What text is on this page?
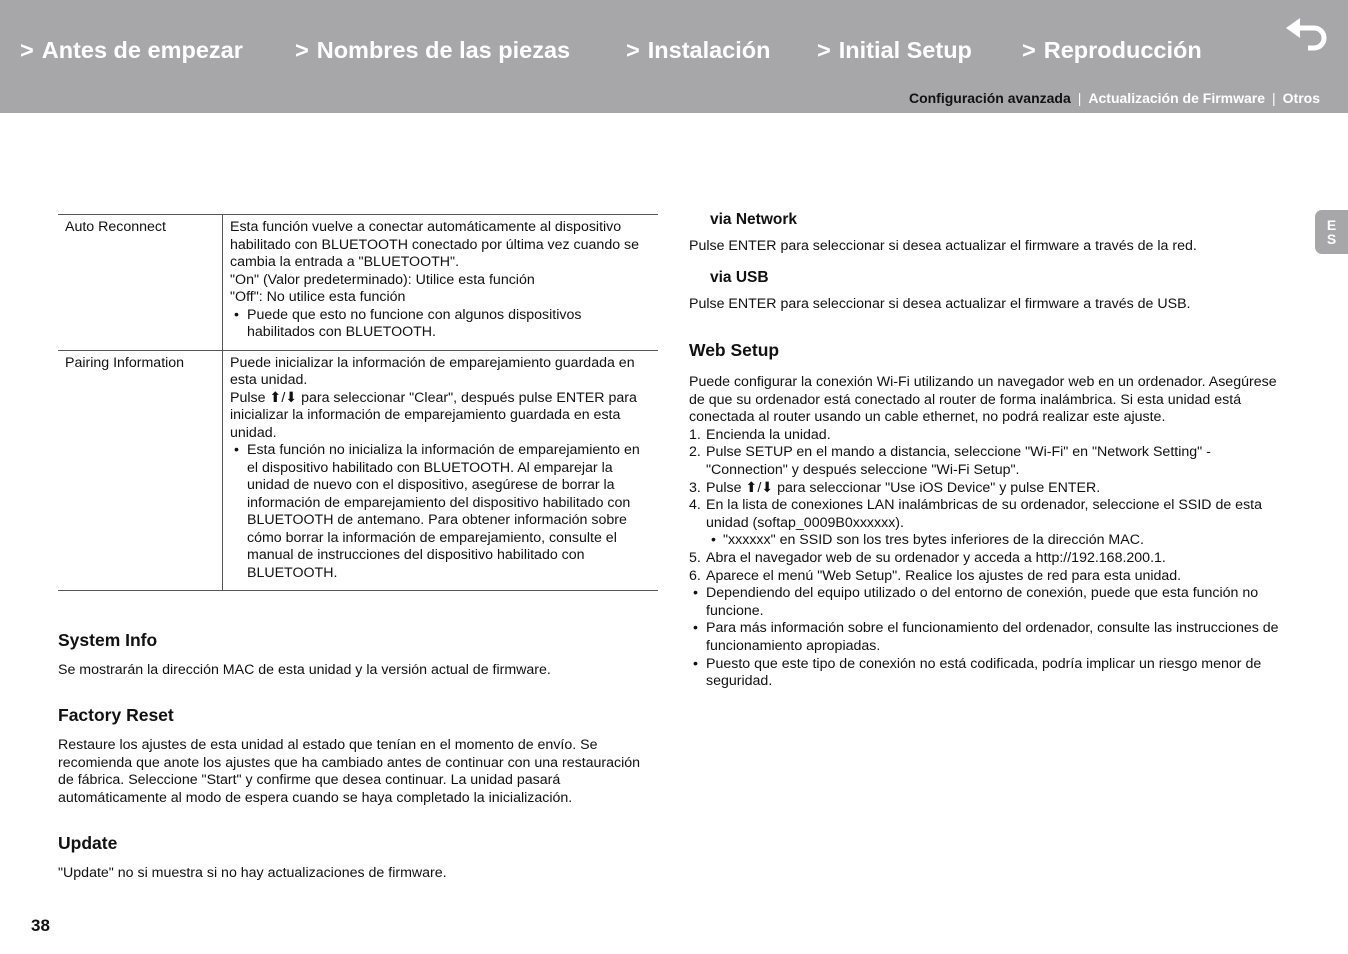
> Antes de empezar > Nombres de las piezas > Instalación > Initial Setup > Reproducción
Configuración avanzada | Actualización de Firmware | Otros
E
S
Auto Reconnect	Esta función vuelve a conectar automáticamente al dispositivo habilitado con BLUETOOTH conectado por última vez cuando se cambia la entrada a "BLUETOOTH".

"On" (Valor predeterminado): Utilice esta función

"Off": No utilice esta función

• Puede que esto no funcione con algunos dispositivos habilitados con BLUETOOTH.

Pairing Information	Puede inicializar la información de emparejamiento guardada en esta unidad.

Pulse ⬆/⬇ para seleccionar "Clear", después pulse ENTER para inicializar la información de emparejamiento guardada en esta unidad.

• Esta función no inicializa la información de emparejamiento en el dispositivo habilitado con BLUETOOTH. Al emparejar la unidad de nuevo con el dispositivo, asegúrese de borrar la información de emparejamiento del dispositivo habilitado con BLUETOOTH de antemano. Para obtener información sobre cómo borrar la información de emparejamiento, consulte el manual de instrucciones del dispositivo habilitado con BLUETOOTH.

System Info
Se mostrarán la dirección MAC de esta unidad y la versión actual de firmware.
Factory Reset
Restaure los ajustes de esta unidad al estado que tenían en el momento de envío. Se recomienda que anote los ajustes que ha cambiado antes de continuar con una restauración de fábrica. Seleccione "Start" y confirme que desea continuar. La unidad pasará automáticamente al modo de espera cuando se haya completado la inicialización.
Update
"Update" no si muestra si no hay actualizaciones de firmware.
via Network
Pulse ENTER para seleccionar si desea actualizar el firmware a través de la red.
via USB
Pulse ENTER para seleccionar si desea actualizar el firmware a través de USB.
Web Setup
Puede configurar la conexión Wi-Fi utilizando un navegador web en un ordenador. Asegúrese de que su ordenador está conectado al router de forma inalámbrica. Si esta unidad está conectada al router usando un cable ethernet, no podrá realizar este ajuste.
1. Encienda la unidad.
2. Pulse SETUP en el mando a distancia, seleccione "Wi-Fi" en "Network Setting" - "Connection" y después seleccione "Wi-Fi Setup".
3. Pulse ⬆/⬇ para seleccionar "Use iOS Device" y pulse ENTER.
4. En la lista de conexiones LAN inalámbricas de su ordenador, seleccione el SSID de esta unidad (softap_0009B0xxxxxx).
• "xxxxxx" en SSID son los tres bytes inferiores de la dirección MAC.
5. Abra el navegador web de su ordenador y acceda a http://192.168.200.1.
6. Aparece el menú "Web Setup". Realice los ajustes de red para esta unidad.

• Dependiendo del equipo utilizado o del entorno de conexión, puede que esta función no funcione.

• Para más información sobre el funcionamiento del ordenador, consulte las instrucciones de funcionamiento apropiadas.

• Puesto que este tipo de conexión no está codificada, podría implicar un riesgo menor de seguridad.

38
